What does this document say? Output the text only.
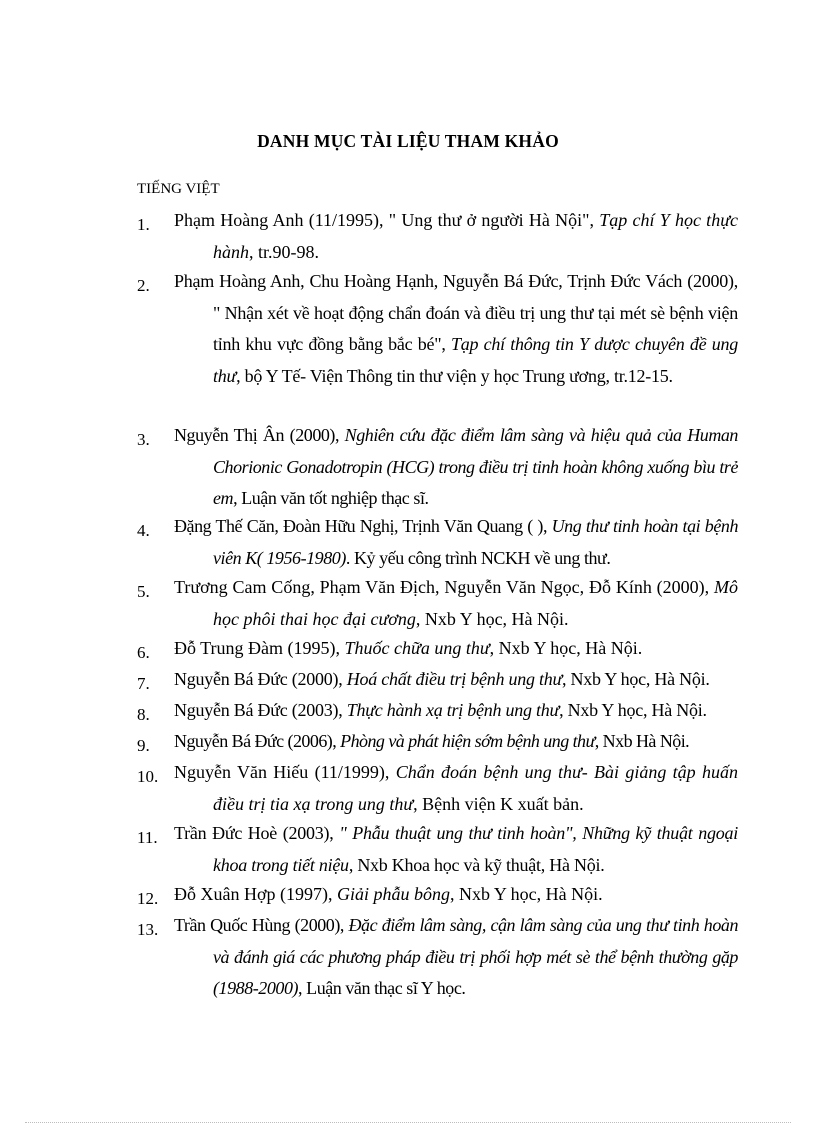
DANH MỤC TÀI LIỆU THAM KHẢO
TIẾNG VIỆT
1. Phạm Hoàng Anh (11/1995), " Ung thư ở người Hà Nội", Tạp chí Y học thực hành, tr.90-98.
2. Phạm Hoàng Anh, Chu Hoàng Hạnh, Nguyễn Bá Đức, Trịnh Đức Vách (2000), " Nhận xét về hoạt động chẩn đoán và điều trị ung thư tại mét sè bệnh viện tỉnh khu vực đồng bằng bắc bé", Tạp chí thông tin Y dược chuyên đề ung thư, bộ Y Tế- Viện Thông tin thư viện y học Trung ương, tr.12-15.
3. Nguyễn Thị Ân (2000), Nghiên cứu đặc điểm lâm sàng và hiệu quả của Human Chorionic Gonadotropin (HCG) trong điều trị tinh hoàn không xuống bìu trẻ em, Luận văn tốt nghiệp thạc sĩ.
4. Đặng Thế Căn, Đoàn Hữu Nghị, Trịnh Văn Quang ( ), Ung thư tinh hoàn tại bệnh viên K( 1956-1980). Kỷ yếu công trình NCKH về ung thư.
5. Trương Cam Cống, Phạm Văn Địch, Nguyễn Văn Ngọc, Đỗ Kính (2000), Mô học phôi thai học đại cương, Nxb Y học, Hà Nội.
6. Đỗ Trung Đàm (1995), Thuốc chữa ung thư, Nxb Y học, Hà Nội.
7. Nguyễn Bá Đức (2000), Hoá chất điều trị bệnh ung thư, Nxb Y học, Hà Nội.
8. Nguyễn Bá Đức (2003), Thực hành xạ trị bệnh ung thư, Nxb Y học, Hà Nội.
9. Nguyễn Bá Đức (2006), Phòng và phát hiện sớm bệnh ung thư, Nxb Hà Nội.
10. Nguyễn Văn Hiếu (11/1999), Chẩn đoán bệnh ung thư- Bài giảng tập huấn điều trị tia xạ trong ung thư, Bệnh viện K xuất bản.
11. Trần Đức Hoè (2003), " Phẫu thuật ung thư tinh hoàn", Những kỹ thuật ngoại khoa trong tiết niệu, Nxb Khoa học và kỹ thuật, Hà Nội.
12. Đỗ Xuân Hợp (1997), Giải phẫu bông, Nxb Y học, Hà Nội.
13. Trần Quốc Hùng (2000), Đặc điểm lâm sàng, cận lâm sàng của ung thư tinh hoàn và đánh giá các phương pháp điều trị phối hợp mét sè thể bệnh thường gặp (1988-2000), Luận văn thạc sĩ Y học.
